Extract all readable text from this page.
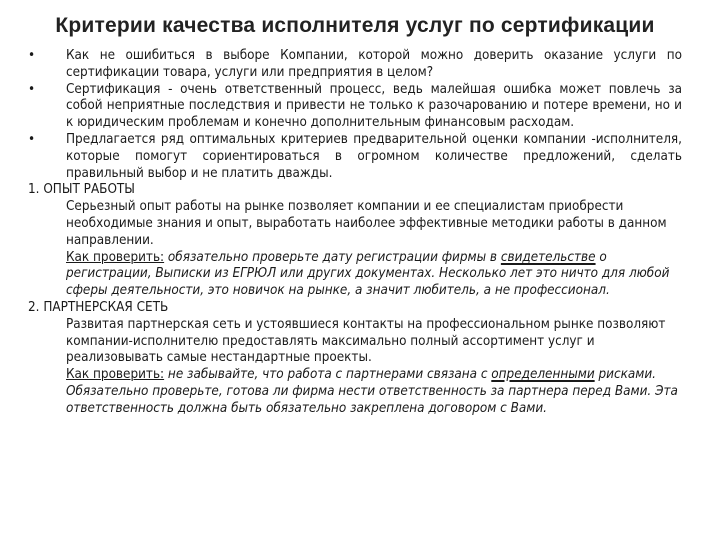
Критерии качества исполнителя услуг по сертификации
•	Как не ошибиться в выборе Компании, которой можно доверить оказание услуги по сертификации товара, услуги или предприятия в целом?
•	Сертификация - очень ответственный процесс, ведь малейшая ошибка может повлечь за собой неприятные последствия и привести не только к разочарованию и потере времени, но и к юридическим проблемам и конечно дополнительным финансовым расходам.
•	Предлагается ряд оптимальных критериев предварительной оценки компании -исполнителя, которые помогут сориентироваться в огромном количестве предложений, сделать правильный выбор и не платить дважды.
1. ОПЫТ РАБОТЫ

Серьезный опыт работы на рынке позволяет компании и ее специалистам приобрести необходимые знания и опыт, выработать наиболее эффективные методики работы в данном направлении.

Как проверить: обязательно проверьте дату регистрации фирмы в свидетельстве о регистрации, Выписки из ЕГРЮЛ или других документах. Несколько лет это ничто для любой сферы деятельности, это новичок на рынке, а значит любитель, а не профессионал.

2. ПАРТНЕРСКАЯ СЕТЬ

Развитая партнерская сеть и устоявшиеся контакты на профессиональном рынке позволяют компании-исполнителю предоставлять максимально полный ассортимент услуг и реализовывать самые нестандартные проекты.

Как проверить: не забывайте, что работа с партнерами связана с определенными рисками. Обязательно проверьте, готова ли фирма нести ответственность за партнера перед Вами. Эта ответственность должна быть обязательно закреплена договором с Вами.
